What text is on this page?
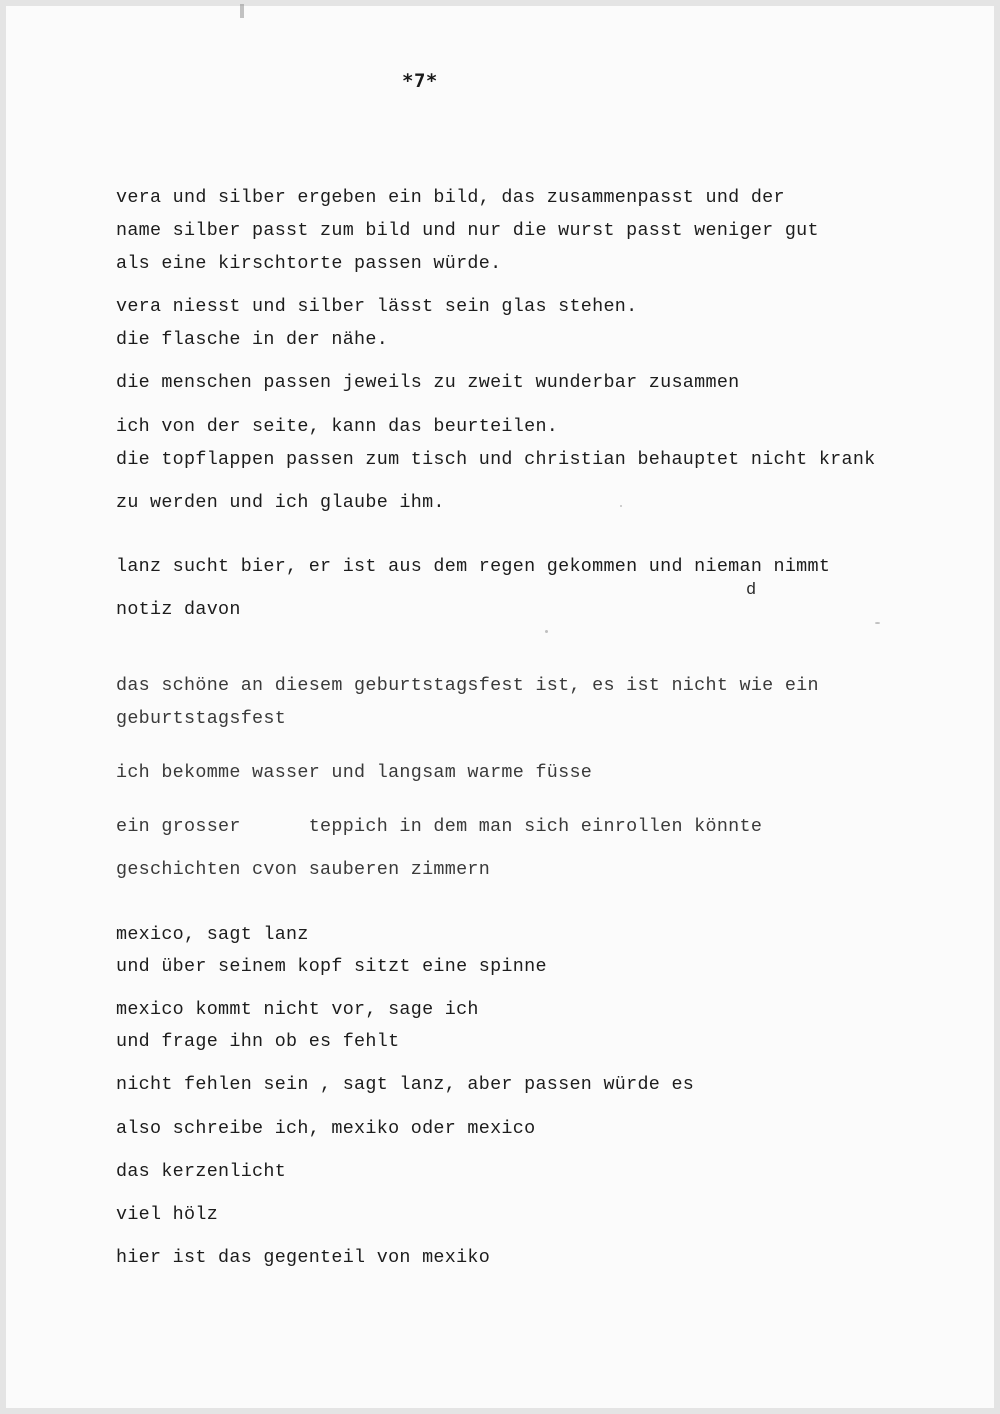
*7*
vera und silber ergeben ein bild, das zusammenpasst und der
name silber passt zum bild und nur die wurst passt weniger gut
als eine kirschtorte passen würde.
vera niesst und silber lässt sein glas stehen.
die flasche in der nähe.
die menschen passen jeweils zu zweit wunderbar zusammen
ich von der seite, kann das beurteilen.
die topflappen passen zum tisch und christian behauptet nicht krank
zu werden und ich glaube ihm.
lanz sucht bier, er ist aus dem regen gekommen und nieman nimmt
d
notiz davon
das schöne an diesem geburtstagsfest ist, es ist nicht wie ein
geburtstagsfest
ich bekomme wasser und langsam warme füsse
ein grosser      teppich in dem man sich einrollen könnte
geschichten cvon sauberen zimmern
mexico, sagt lanz
und über seinem kopf sitzt eine spinne
mexico kommt nicht vor, sage ich
und frage ihn ob es fehlt
nicht fehlen sein , sagt lanz, aber passen würde es
also schreibe ich, mexiko oder mexico
das kerzenlicht
viel hölz
hier ist das gegenteil von mexiko
